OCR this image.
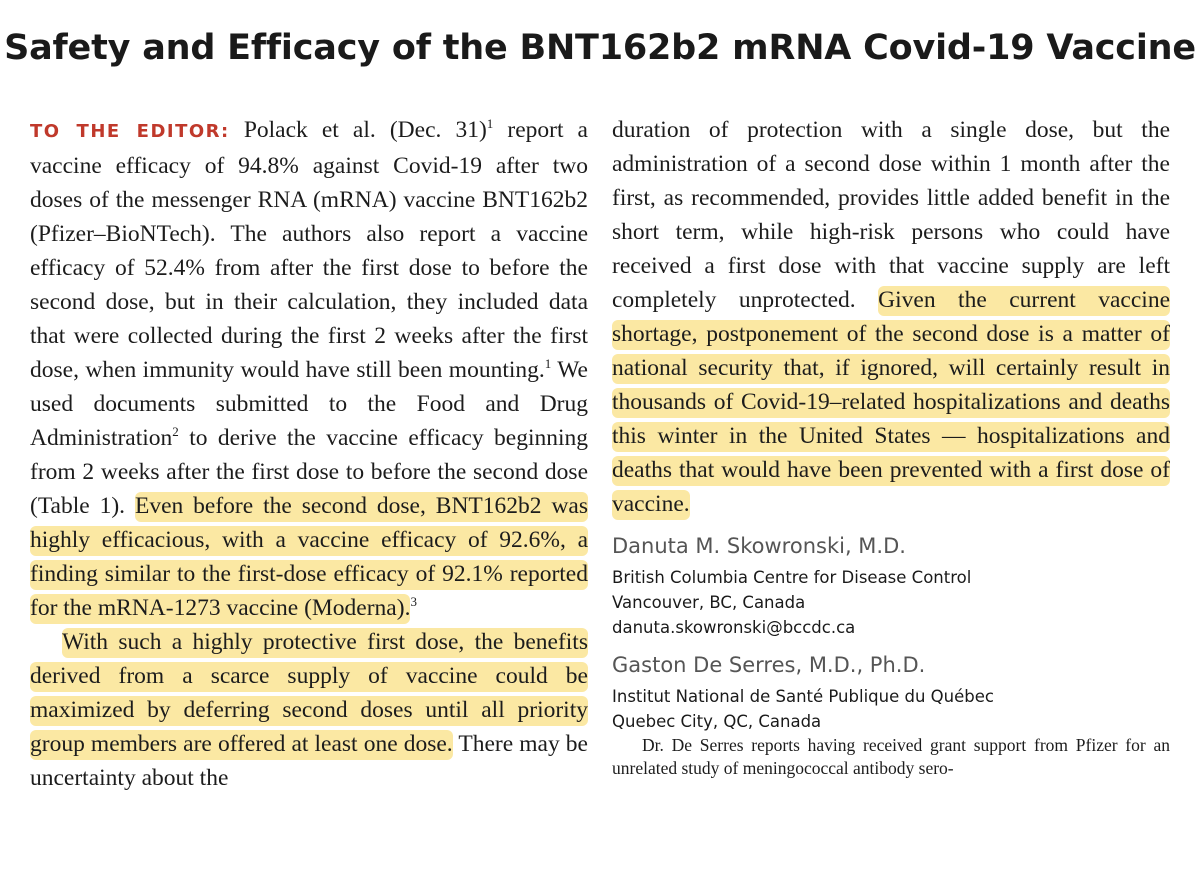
Safety and Efficacy of the BNT162b2 mRNA Covid-19 Vaccine

TO THE EDITOR: Polack et al. (Dec. 31)$^1$ report a vaccine efficacy of 94.8% against Covid-19 after two doses of the messenger RNA (mRNA) vaccine BNT162b2 (Pfizer–BioNTech). The authors also report a vaccine efficacy of 52.4% from after the first dose to before the second dose, but in their calculation, they included data that were collected during the first 2 weeks after the first dose, when immunity would have still been mounting.$^1$ We used documents submitted to the Food and Drug Administration$^2$ to derive the vaccine efficacy beginning from 2 weeks after the first dose to before the second dose (Table 1). Even before the second dose, BNT162b2 was highly efficacious, with a vaccine efficacy of 92.6%, a finding similar to the first-dose efficacy of 92.1% reported for the mRNA-1273 vaccine (Moderna).$^3$

With such a highly protective first dose, the benefits derived from a scarce supply of vaccine could be maximized by deferring second doses until all priority group members are offered at least one dose. There may be uncertainty about the

duration of protection with a single dose, but the administration of a second dose within 1 month after the first, as recommended, provides little added benefit in the short term, while high-risk persons who could have received a first dose with that vaccine supply are left completely unprotected. Given the current vaccine shortage, postponement of the second dose is a matter of national security that, if ignored, will certainly result in thousands of Covid-19–related hospitalizations and deaths this winter in the United States — hospitalizations and deaths that would have been prevented with a first dose of vaccine.

Danuta M. Skowronski, M.D.
British Columbia Centre for Disease Control
Vancouver, BC, Canada
danuta.skowronski@bccdc.ca
Gaston De Serres, M.D., Ph.D.
Institut National de Santé Publique du Québec
Quebec City, QC, Canada

Dr. De Serres reports having received grant support from Pfizer for an unrelated study of meningococcal antibody sero-
